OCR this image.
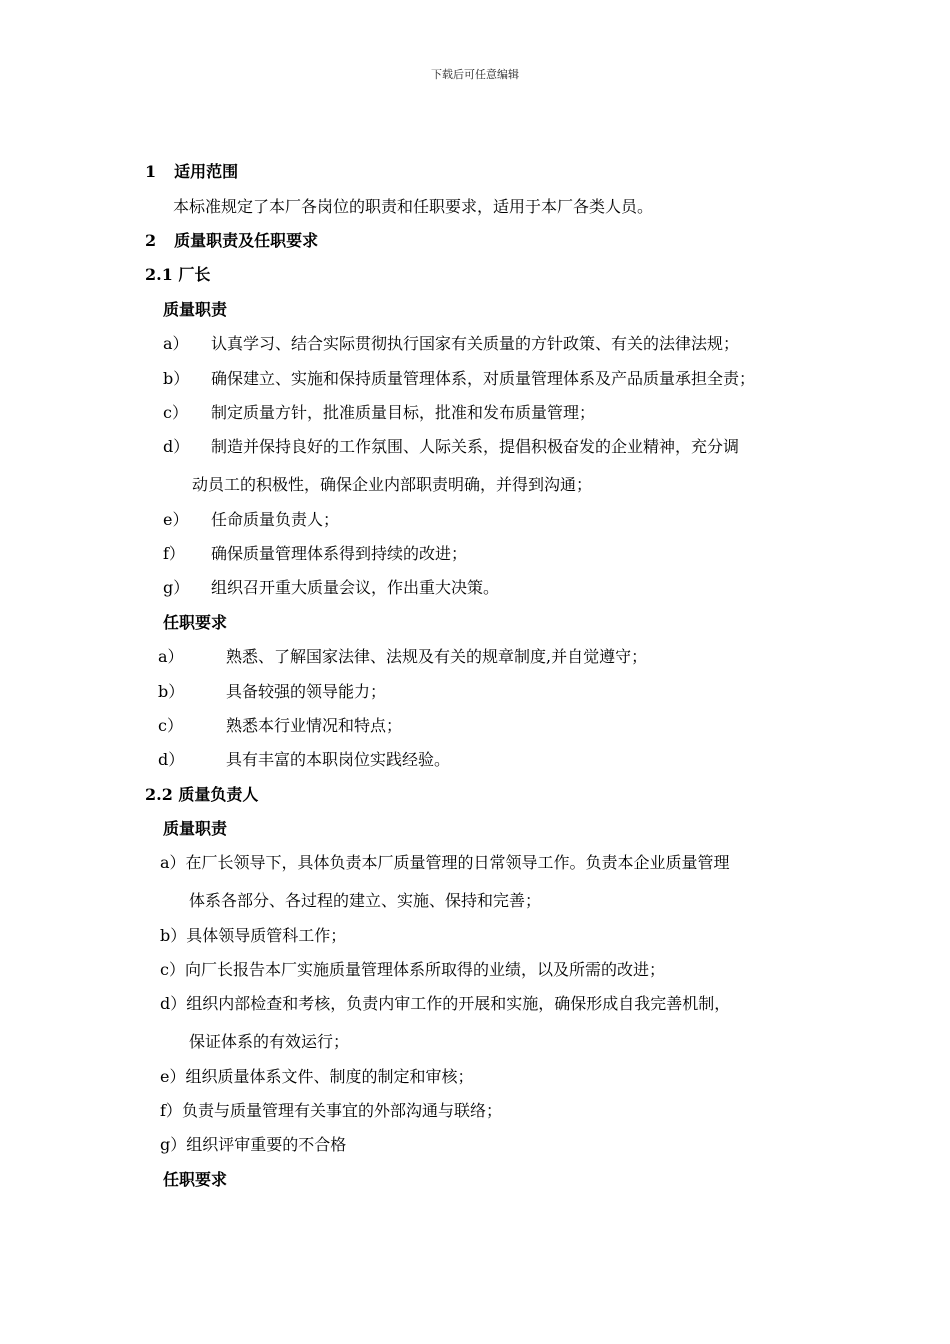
下载后可任意编辑
1 适用范围
本标准规定了本厂各岗位的职责和任职要求，适用于本厂各类人员。
2 质量职责及任职要求
2.1 厂长
质量职责
a） 认真学习、结合实际贯彻执行国家有关质量的方针政策、有关的法律法规；
b） 确保建立、实施和保持质量管理体系，对质量管理体系及产品质量承担全责；
c） 制定质量方针，批准质量目标，批准和发布质量管理；
d） 制造并保持良好的工作氛围、人际关系，提倡积极奋发的企业精神，充分调
动员工的积极性，确保企业内部职责明确，并得到沟通；
e） 任命质量负责人；
f） 确保质量管理体系得到持续的改进；
g） 组织召开重大质量会议，作出重大决策。
任职要求
a）	熟悉、了解国家法律、法规及有关的规章制度,并自觉遵守；
b）	具备较强的领导能力；
c）	熟悉本行业情况和特点；
d）	具有丰富的本职岗位实践经验。
2.2 质量负责人
质量职责
a）在厂长领导下，具体负责本厂质量管理的日常领导工作。负责本企业质量管理
体系各部分、各过程的建立、实施、保持和完善；
b）具体领导质管科工作；
c）向厂长报告本厂实施质量管理体系所取得的业绩，以及所需的改进；
d）组织内部检查和考核，负责内审工作的开展和实施，确保形成自我完善机制，
保证体系的有效运行；
e）组织质量体系文件、制度的制定和审核；
f）负责与质量管理有关事宜的外部沟通与联络；
g）组织评审重要的不合格
任职要求
